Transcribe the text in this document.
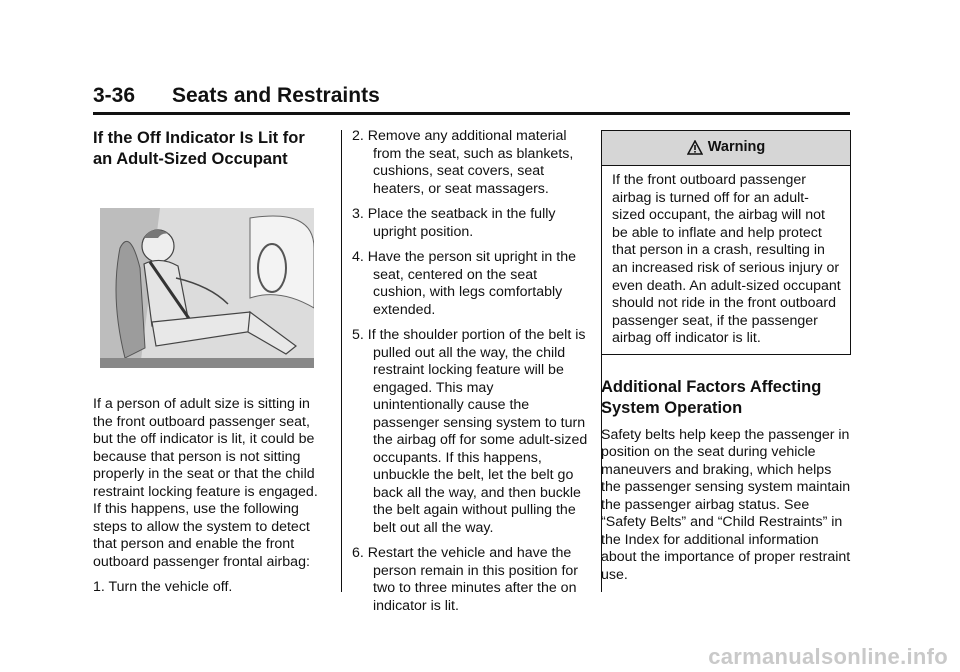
3-36 Seats and Restraints
If the Off Indicator Is Lit for an Adult-Sized Occupant

If a person of adult size is sitting in the front outboard passenger seat, but the off indicator is lit, it could be because that person is not sitting properly in the seat or that the child restraint locking feature is engaged. If this happens, use the following steps to allow the system to detect that person and enable the front outboard passenger frontal airbag:

1. Turn the vehicle off.
2. Remove any additional material from the seat, such as blankets, cushions, seat covers, seat heaters, or seat massagers.
3. Place the seatback in the fully upright position.
4. Have the person sit upright in the seat, centered on the seat cushion, with legs comfortably extended.
5. If the shoulder portion of the belt is pulled out all the way, the child restraint locking feature will be engaged. This may unintentionally cause the passenger sensing system to turn the airbag off for some adult-sized occupants. If this happens, unbuckle the belt, let the belt go back all the way, and then buckle the belt again without pulling the belt out all the way.
6. Restart the vehicle and have the person remain in this position for two to three minutes after the on indicator is lit.
Warning
If the front outboard passenger airbag is turned off for an adult-sized occupant, the airbag will not be able to inflate and help protect that person in a crash, resulting in an increased risk of serious injury or even death. An adult-sized occupant should not ride in the front outboard passenger seat, if the passenger airbag off indicator is lit.
Additional Factors Affecting System Operation

Safety belts help keep the passenger in position on the seat during vehicle maneuvers and braking, which helps the passenger sensing system maintain the passenger airbag status. See “Safety Belts” and “Child Restraints” in the Index for additional information about the importance of proper restraint use.

carmanualsonline.info
